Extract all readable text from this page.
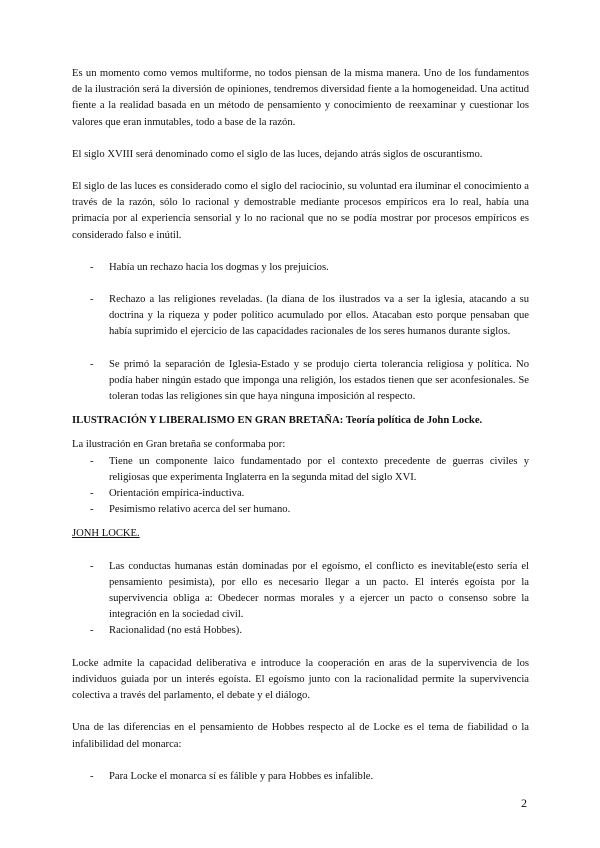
Es un momento como vemos multiforme, no todos piensan de la misma manera. Uno de los fundamentos de la ilustración será la diversión de opiniones, tendremos diversidad fiente a la homogeneidad. Una actitud fiente a la realidad basada en un método de pensamiento y conocimiento de reexaminar y cuestionar los valores que eran inmutables, todo a base de la razón.

El siglo XVIII será denominado como el siglo de las luces, dejando atrás siglos de oscurantismo.

El siglo de las luces es considerado como el siglo del raciocinio, su voluntad era iluminar el conocimiento a través de la razón, sólo lo racional y demostrable mediante procesos empíricos era lo real, había una primacía por al experiencia sensorial y lo no racional que no se podía mostrar por procesos empíricos es considerado falso e inútil.

- Había un rechazo hacia los dogmas y los prejuicios.
- Rechazo a las religiones reveladas. (la diana de los ilustrados va a ser la iglesia, atacando a su doctrina y la riqueza y poder político acumulado por ellos. Atacaban esto porque pensaban que había suprimido el ejercicio de las capacidades racionales de los seres humanos durante siglos.
- Se primó la separación de Iglesia-Estado y se produjo cierta tolerancia religiosa y política. No podía haber ningún estado que imponga una religión, los estados tienen que ser aconfesionales. Se toleran todas las religiones sin que haya ninguna imposición al respecto.

ILUSTRACIÓN Y LIBERALISMO EN GRAN BRETAÑA: Teoría política de John Locke.

La ilustración en Gran bretaña se conformaba por:

- Tiene un componente laico fundamentado por el contexto precedente de guerras civiles y religiosas que experimenta Inglaterra en la segunda mitad del siglo XVI.
- Orientación empírica-inductiva.
- Pesimismo relativo acerca del ser humano.

JONH LOCKE.

- Las conductas humanas están dominadas por el egoísmo, el conflicto es inevitable(esto sería el pensamiento pesimista), por ello es necesario llegar a un pacto. El interés egoísta por la supervivencia obliga a: Obedecer normas morales y a ejercer un pacto o consenso sobre la integración en la sociedad civil.
- Racionalidad (no está Hobbes).

Locke admite la capacidad deliberativa e introduce la cooperación en aras de la supervivencia de los individuos guiada por un interés egoísta. El egoísmo junto con la racionalidad permite la supervivencia colectiva a través del parlamento, el debate y el diálogo.

Una de las diferencias en el pensamiento de Hobbes respecto al de Locke es el tema de fiabilidad o la infalibilidad del monarca:

- Para Locke el monarca sí es fálible y para Hobbes es infalible.
2
